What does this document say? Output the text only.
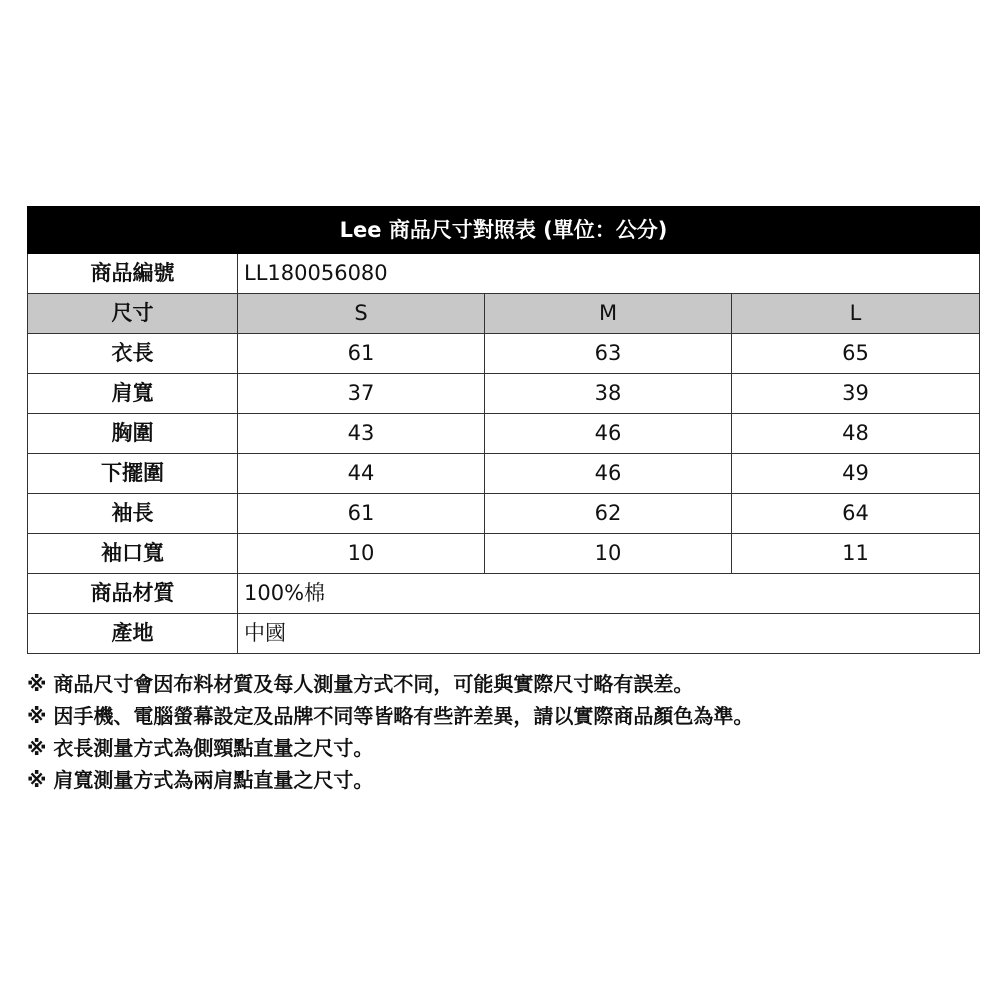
Lee 商品尺寸對照表 (單位：公分)			
商品編號	LL180056080		
尺寸	S	M	L
衣長	61	63	65
肩寬	37	38	39
胸圍	43	46	48
下擺圍	44	46	49
袖長	61	62	64
袖口寬	10	10	11
商品材質	100%棉		
產地	中國		
※ 商品尺寸會因布料材質及每人測量方式不同，可能與實際尺寸略有誤差。
※ 因手機、電腦螢幕設定及品牌不同等皆略有些許差異，請以實際商品顏色為準。
※ 衣長測量方式為側頸點直量之尺寸。
※ 肩寬測量方式為兩肩點直量之尺寸。
